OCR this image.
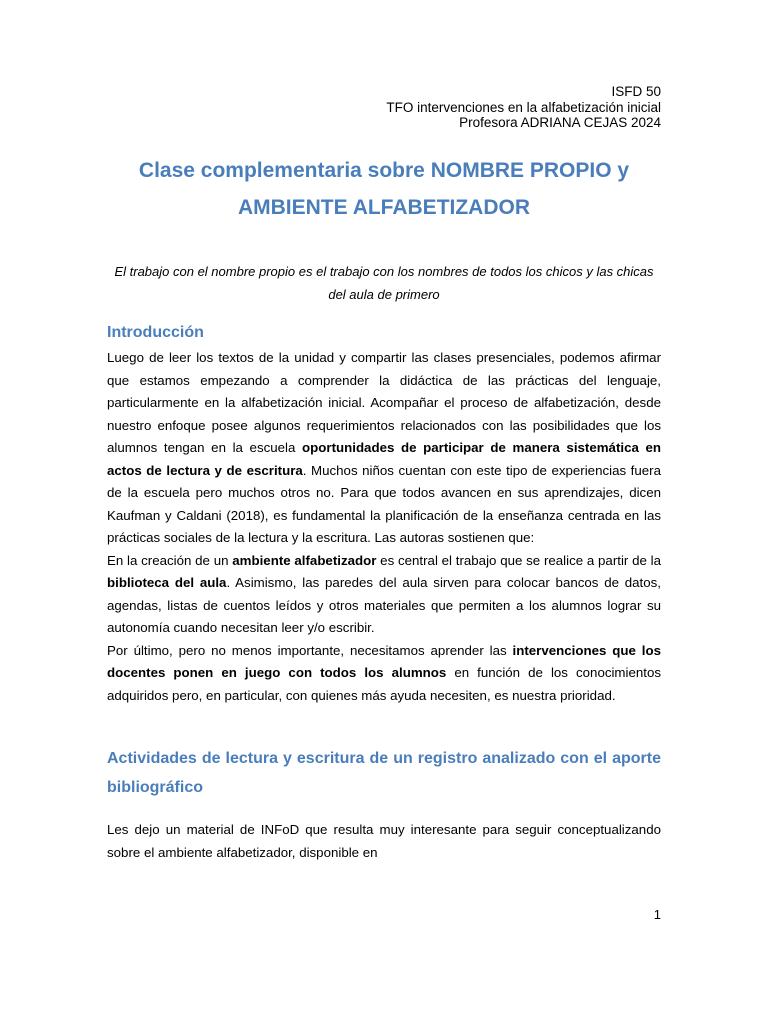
ISFD 50
TFO intervenciones en la alfabetización inicial
Profesora ADRIANA CEJAS 2024
Clase complementaria sobre NOMBRE PROPIO y
AMBIENTE ALFABETIZADOR
El trabajo con el nombre propio es el trabajo con los nombres de todos los chicos y las chicas del aula de primero
Introducción

Luego de leer los textos de la unidad y compartir las clases presenciales, podemos afirmar que estamos empezando a comprender la didáctica de las prácticas del lenguaje, particularmente en la alfabetización inicial. Acompañar el proceso de alfabetización, desde nuestro enfoque posee algunos requerimientos relacionados con las posibilidades que los alumnos tengan en la escuela oportunidades de participar de manera sistemática en actos de lectura y de escritura. Muchos niños cuentan con este tipo de experiencias fuera de la escuela pero muchos otros no. Para que todos avancen en sus aprendizajes, dicen Kaufman y Caldani (2018), es fundamental la planificación de la enseñanza centrada en las prácticas sociales de la lectura y la escritura. Las autoras sostienen que:

En la creación de un ambiente alfabetizador es central el trabajo que se realice a partir de la biblioteca del aula. Asimismo, las paredes del aula sirven para colocar bancos de datos, agendas, listas de cuentos leídos y otros materiales que permiten a los alumnos lograr su autonomía cuando necesitan leer y/o escribir.

Por último, pero no menos importante, necesitamos aprender las intervenciones que los docentes ponen en juego con todos los alumnos en función de los conocimientos adquiridos pero, en particular, con quienes más ayuda necesiten, es nuestra prioridad.

Actividades de lectura y escritura de un registro analizado con el aporte bibliográfico

Les dejo un material de INFoD que resulta muy interesante para seguir conceptualizando sobre el ambiente alfabetizador, disponible en

1
